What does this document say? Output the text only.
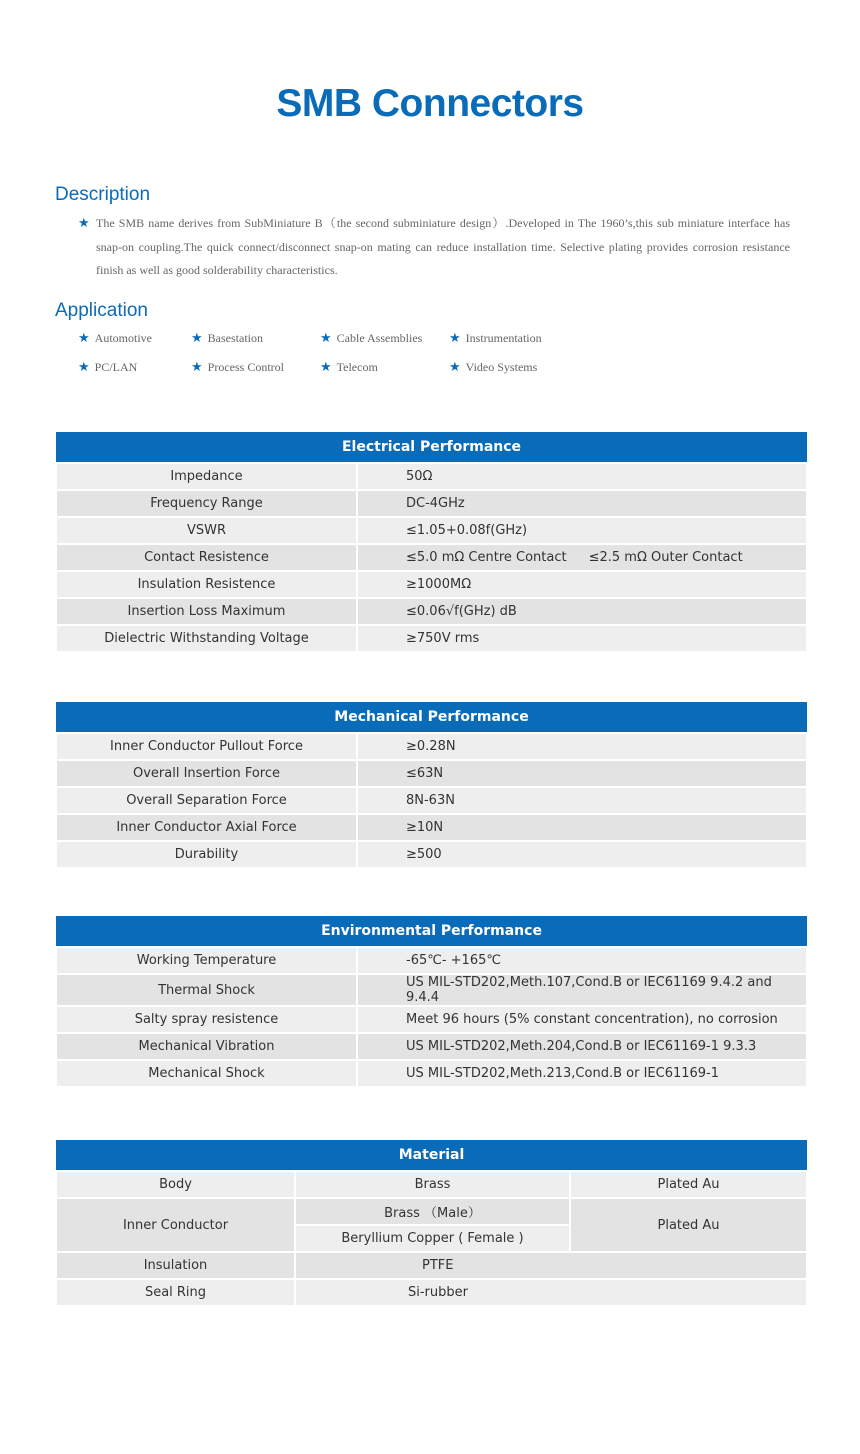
SMB Connectors
Description
★ The SMB name derives from SubMiniature B（the second subminiature design）.Developed in The 1960’s,this sub miniature interface has snap-on coupling.The quick connect/disconnect snap-on mating can reduce installation time. Selective plating provides corrosion resistance finish as well as good solderability characteristics.

Application
★ Automotive	★ Basestation	★ Cable Assemblies ★ Instrumentation
★ PC/LAN	★ Process Control	★ Telecom	★ Video Systems
Electrical Performance	
Impedance	50Ω
Frequency Range	DC-4GHz
VSWR	≤1.05+0.08f(GHz)
Contact Resistence	≤5.0 mΩ Centre Contact ≤2.5 mΩ Outer Contact
Insulation Resistence	≥1000MΩ
Insertion Loss Maximum	≤0.06√f(GHz) dB
Dielectric Withstanding Voltage	≥750V rms
Mechanical Performance	
Inner Conductor Pullout Force	≥0.28N
Overall Insertion Force	≤63N
Overall Separation Force	8N-63N
Inner Conductor Axial Force	≥10N
Durability	≥500
Environmental Performance	
Working Temperature	-65℃- +165℃
Thermal Shock	US MIL-STD202,Meth.107,Cond.B or IEC61169 9.4.2 and 9.4.4
Salty spray resistence	Meet 96 hours (5% constant concentration), no corrosion
Mechanical Vibration	US MIL-STD202,Meth.204,Cond.B or IEC61169-1 9.3.3
Mechanical Shock	US MIL-STD202,Meth.213,Cond.B or IEC61169-1
Material		
Body	Brass	Plated Au
Inner Conductor	Brass （Male）	Plated Au
	Beryllium Copper ( Female )	
Insulation	PTFE	
Seal Ring	Si-rubber	
